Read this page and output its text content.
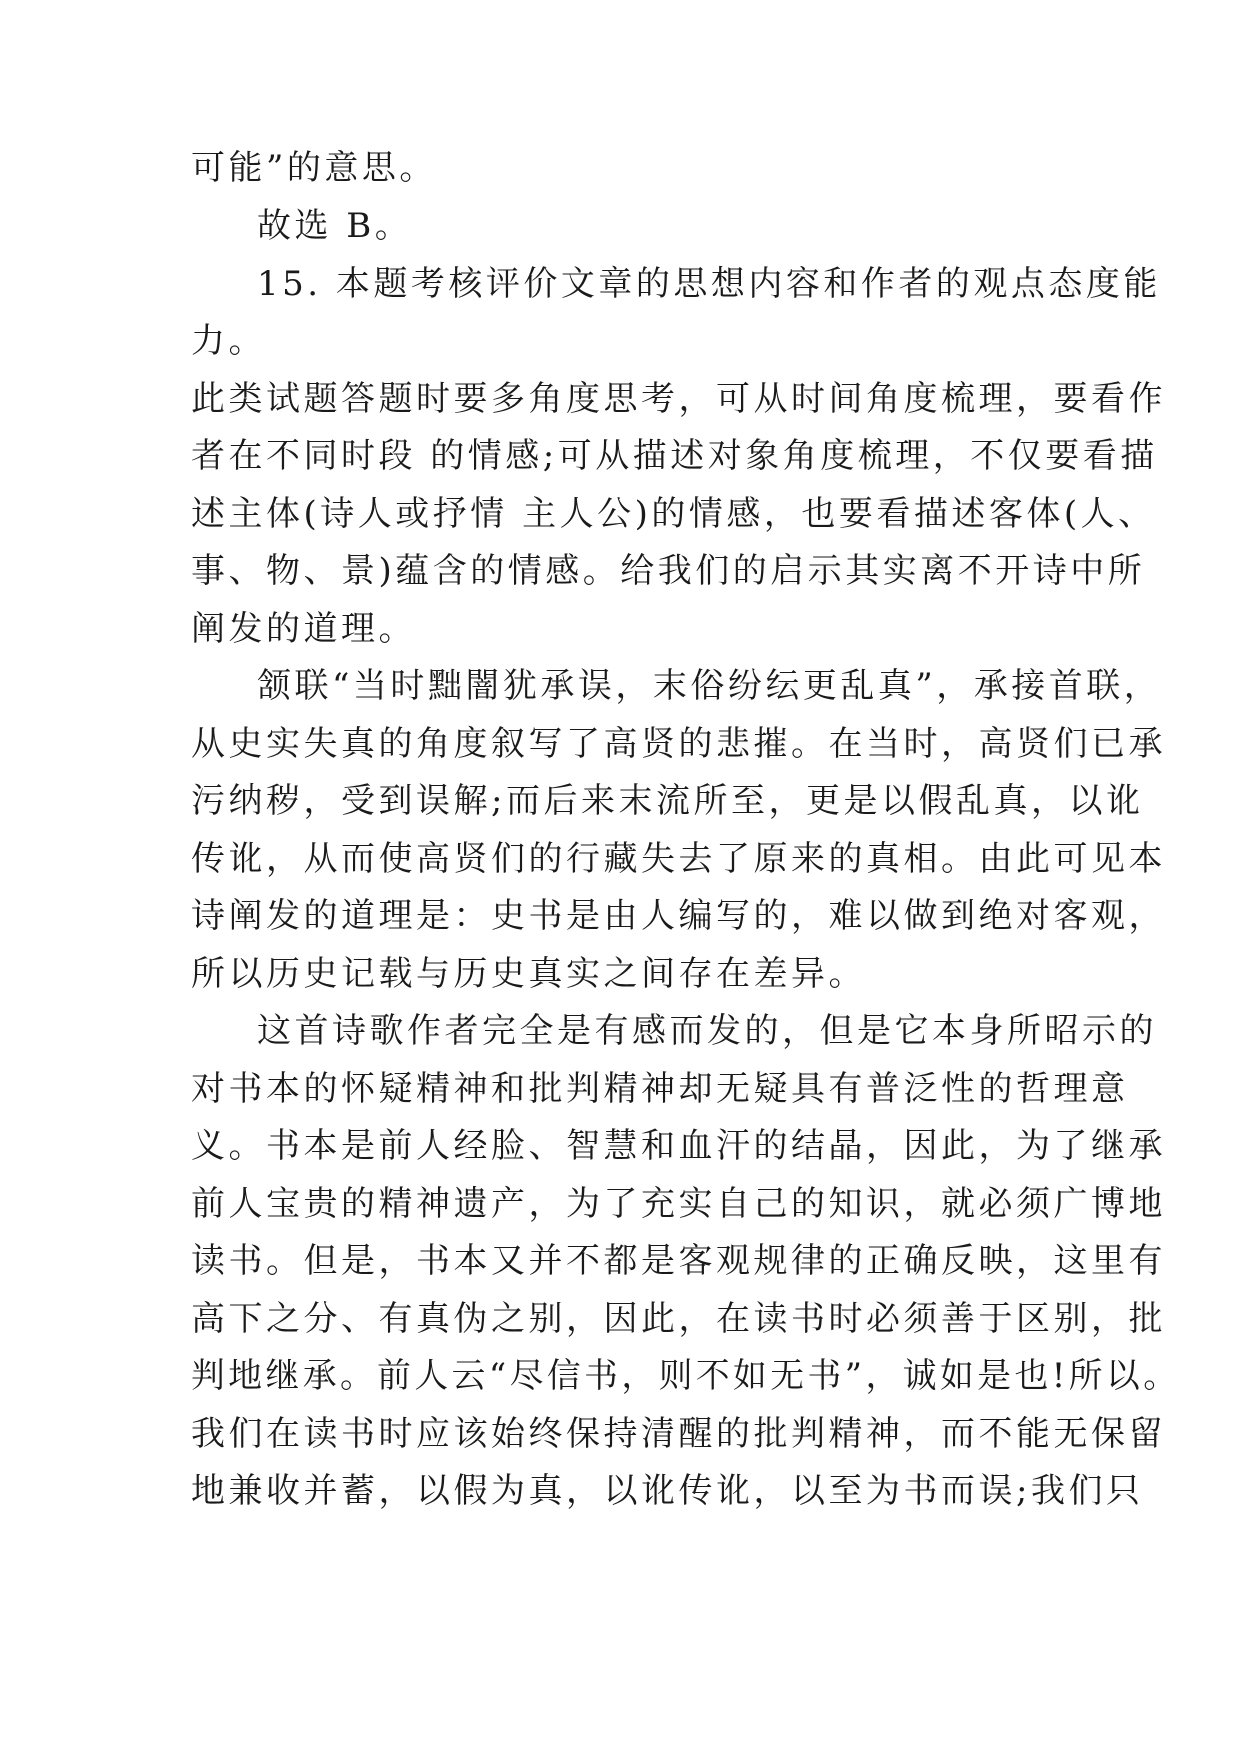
可能”的意思。
故选 B。
15. 本题考核评价文章的思想内容和作者的观点态度能
力。
此类试题答题时要多角度思考，可从时间角度梳理，要看作
者在不同时段 的情感;可从描述对象角度梳理，不仅要看描
述主体(诗人或抒情 主人公)的情感，也要看描述客体(人、
事、物、景)蕴含的情感。给我们的启示其实离不开诗中所
阐发的道理。
颔联“当时黜闇犹承误，末俗纷纭更乱真”，承接首联，
从史实失真的角度叙写了高贤的悲摧。在当时，高贤们已承
污纳秽，受到误解;而后来末流所至，更是以假乱真，以讹
传讹，从而使高贤们的行藏失去了原来的真相。由此可见本
诗阐发的道理是：史书是由人编写的，难以做到绝对客观，
所以历史记载与历史真实之间存在差异。
这首诗歌作者完全是有感而发的，但是它本身所昭示的
对书本的怀疑精神和批判精神却无疑具有普泛性的哲理意
义。书本是前人经脸、智慧和血汗的结晶，因此，为了继承
前人宝贵的精神遗产，为了充实自己的知识，就必须广博地
读书。但是，书本又并不都是客观规律的正确反映，这里有
高下之分、有真伪之别，因此，在读书时必须善于区别，批
判地继承。前人云“尽信书，则不如无书”，诚如是也!所以。
我们在读书时应该始终保持清醒的批判精神，而不能无保留
地兼收并蓄，以假为真，以讹传讹，以至为书而误;我们只
